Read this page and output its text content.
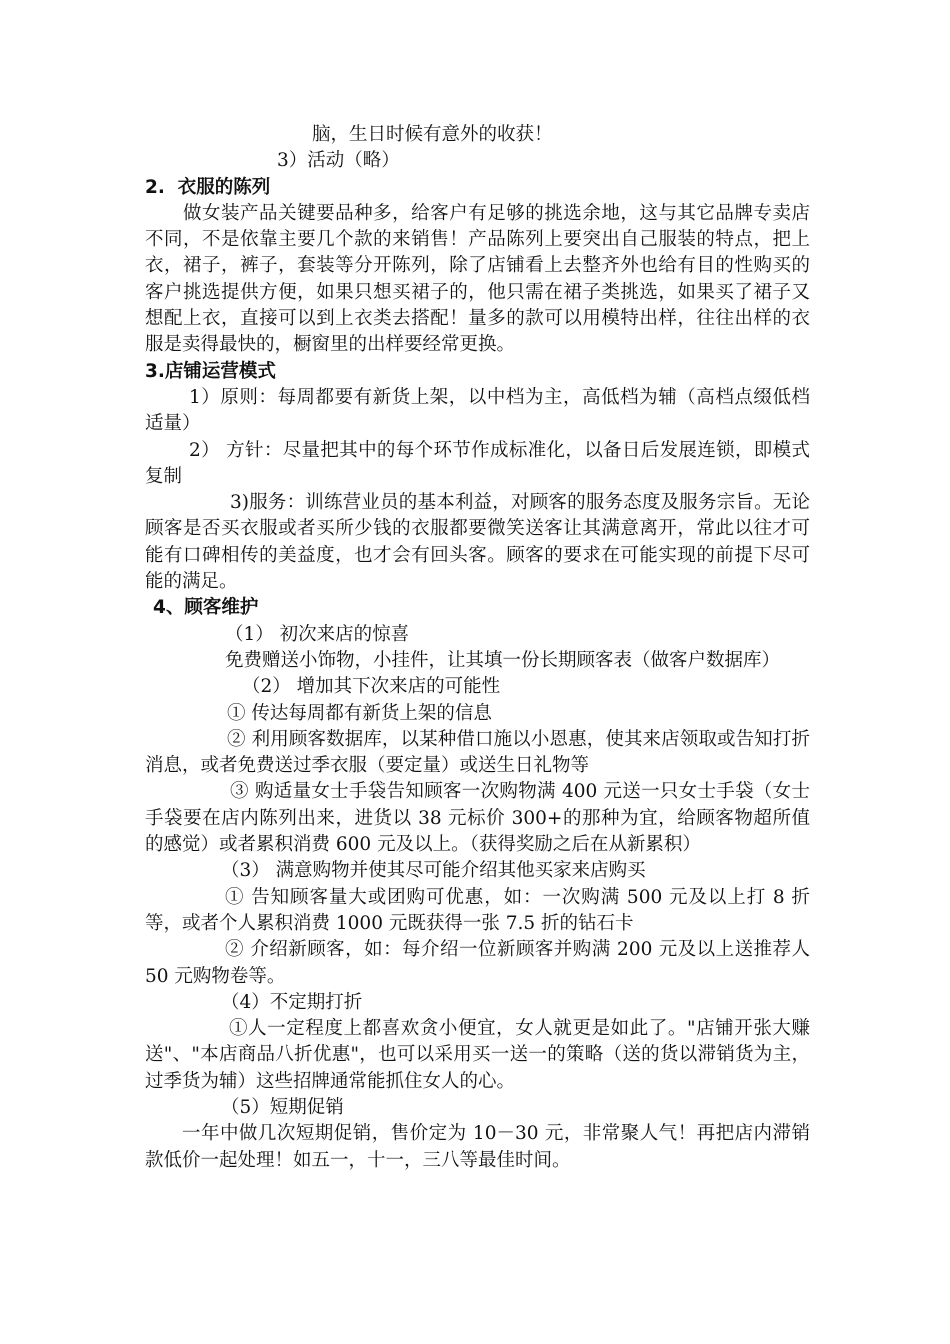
脑，生日时候有意外的收获！
3）活动（略）
2.  衣服的陈列
做女装产品关键要品种多，给客户有足够的挑选余地，这与其它品牌专卖店不同，不是依靠主要几个款的来销售！产品陈列上要突出自己服装的特点，把上衣，裙子，裤子，套装等分开陈列，除了店铺看上去整齐外也给有目的性购买的客户挑选提供方便，如果只想买裙子的，他只需在裙子类挑选，如果买了裙子又想配上衣，直接可以到上衣类去搭配！量多的款可以用模特出样，往往出样的衣服是卖得最快的，橱窗里的出样要经常更换。
3.店铺运营模式
1）原则：每周都要有新货上架，以中档为主，高低档为辅（高档点缀低档适量）
2） 方针：尽量把其中的每个环节作成标准化，以备日后发展连锁，即模式复制
3)服务：训练营业员的基本利益，对顾客的服务态度及服务宗旨。无论顾客是否买衣服或者买所少钱的衣服都要微笑送客让其满意离开，常此以往才可能有口碑相传的美益度，也才会有回头客。顾客的要求在可能实现的前提下尽可能的满足。
4、顾客维护
（1） 初次来店的惊喜
免费赠送小饰物，小挂件，让其填一份长期顾客表（做客户数据库）
（2） 增加其下次来店的可能性
① 传达每周都有新货上架的信息
② 利用顾客数据库，以某种借口施以小恩惠，使其来店领取或告知打折消息，或者免费送过季衣服（要定量）或送生日礼物等
③ 购适量女士手袋告知顾客一次购物满 400 元送一只女士手袋（女士手袋要在店内陈列出来，进货以 38 元标价 300+的那种为宜，给顾客物超所值的感觉）或者累积消费 600 元及以上。（获得奖励之后在从新累积）
（3） 满意购物并使其尽可能介绍其他买家来店购买
① 告知顾客量大或团购可优惠，如：一次购满 500 元及以上打 8 折等，或者个人累积消费 1000 元既获得一张 7.5 折的钻石卡
② 介绍新顾客，如：每介绍一位新顾客并购满 200 元及以上送推荐人 50 元购物卷等。
（4）不定期打折
①人一定程度上都喜欢贪小便宜，女人就更是如此了。"店铺开张大赚送"、"本店商品八折优惠"，也可以采用买一送一的策略（送的货以滞销货为主，过季货为辅）这些招牌通常能抓住女人的心。
（5）短期促销
一年中做几次短期促销，售价定为 10－30 元，非常聚人气！再把店内滞销款低价一起处理！如五一，十一，三八等最佳时间。
